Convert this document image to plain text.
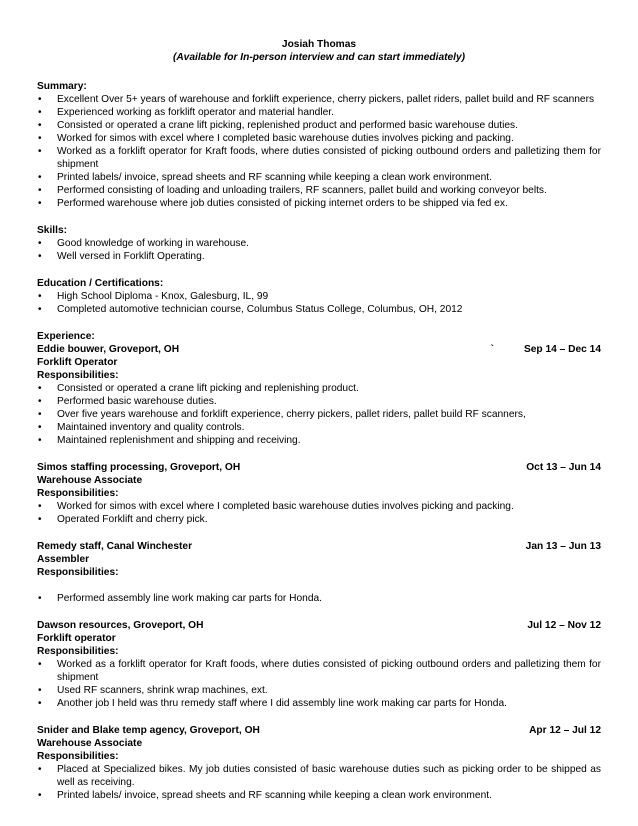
Josiah Thomas
(Available for In-person interview and can start immediately)
Summary:
• Excellent Over 5+ years of warehouse and forklift experience, cherry pickers, pallet riders, pallet build and RF scanners
• Experienced working as forklift operator and material handler.
• Consisted or operated a crane lift picking, replenished product and performed basic warehouse duties.
• Worked for simos with excel where I completed basic warehouse duties involves picking and packing.
• Worked as a forklift operator for Kraft foods, where duties consisted of picking outbound orders and palletizing them for shipment
• Printed labels/ invoice, spread sheets and RF scanning while keeping a clean work environment.
• Performed consisting of loading and unloading trailers, RF scanners, pallet build and working conveyor belts.
• Performed warehouse where job duties consisted of picking internet orders to be shipped via fed ex.
Skills:
• Good knowledge of working in warehouse.
• Well versed in Forklift Operating.
Education / Certifications:
• High School Diploma - Knox, Galesburg, IL, 99
• Completed automotive technician course, Columbus Status College, Columbus, OH, 2012
Experience:
Eddie bouwer, Groveport, OH	`	Sep 14 – Dec 14
Forklift Operator
Responsibilities:
• Consisted or operated a crane lift picking and replenishing product.
• Performed basic warehouse duties.
• Over five years warehouse and forklift experience, cherry pickers, pallet riders, pallet build RF scanners,
• Maintained inventory and quality controls.
• Maintained replenishment and shipping and receiving.
Simos staffing processing, Groveport, OH	Oct 13 – Jun 14
Warehouse Associate
Responsibilities:
• Worked for simos with excel where I completed basic warehouse duties involves picking and packing.
• Operated Forklift and cherry pick.
Remedy staff, Canal Winchester	Jan 13 – Jun 13
Assembler
Responsibilities:
• Performed assembly line work making car parts for Honda.
Dawson resources, Groveport, OH	Jul 12 – Nov 12
Forklift operator
Responsibilities:
• Worked as a forklift operator for Kraft foods, where duties consisted of picking outbound orders and palletizing them for shipment
• Used RF scanners, shrink wrap machines, ext.
• Another job I held was thru remedy staff where I did assembly line work making car parts for Honda.
Snider and Blake temp agency, Groveport, OH	Apr 12 – Jul 12
Warehouse Associate
Responsibilities:
• Placed at Specialized bikes. My job duties consisted of basic warehouse duties such as picking order to be shipped as well as receiving.
• Printed labels/ invoice, spread sheets and RF scanning while keeping a clean work environment.
